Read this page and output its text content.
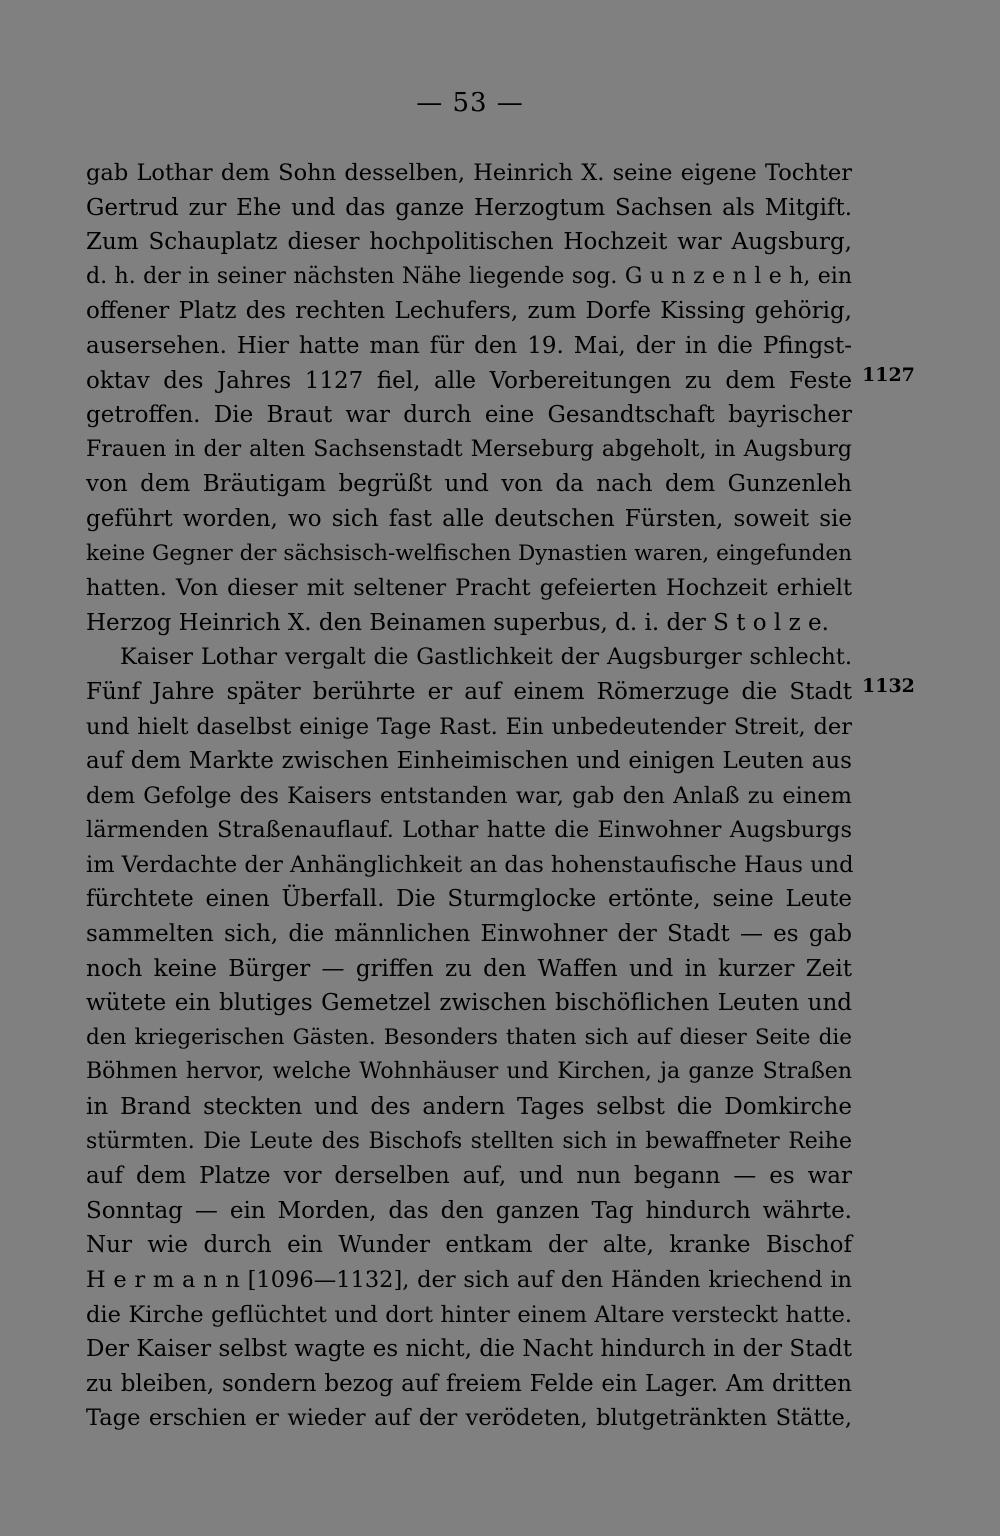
— 53 —
gab Lothar dem Sohn desselben, Heinrich X. seine eigene Tochter
Gertrud zur Ehe und das ganze Herzogtum Sachsen als Mitgift.
Zum Schauplatz dieser hochpolitischen Hochzeit war Augsburg,
d. h. der in seiner nächsten Nähe liegende sog. G u n z e n l e h, ein
offener Platz des rechten Lechufers, zum Dorfe Kissing gehörig,
ausersehen. Hier hatte man für den 19. Mai, der in die Pfingst-
oktav des Jahres 1127 fiel, alle Vorbereitungen zu dem Feste
getroffen. Die Braut war durch eine Gesandtschaft bayrischer
Frauen in der alten Sachsenstadt Merseburg abgeholt, in Augsburg
von dem Bräutigam begrüßt und von da nach dem Gunzenleh
geführt worden, wo sich fast alle deutschen Fürsten, soweit sie
keine Gegner der sächsisch-welfischen Dynastien waren, eingefunden
hatten. Von dieser mit seltener Pracht gefeierten Hochzeit erhielt
Herzog Heinrich X. den Beinamen superbus, d. i. der S t o l z e.
Kaiser Lothar vergalt die Gastlichkeit der Augsburger schlecht.
Fünf Jahre später berührte er auf einem Römerzuge die Stadt
und hielt daselbst einige Tage Rast. Ein unbedeutender Streit, der
auf dem Markte zwischen Einheimischen und einigen Leuten aus
dem Gefolge des Kaisers entstanden war, gab den Anlaß zu einem
lärmenden Straßenauflauf. Lothar hatte die Einwohner Augsburgs
im Verdachte der Anhänglichkeit an das hohenstaufische Haus und
fürchtete einen Überfall. Die Sturmglocke ertönte, seine Leute
sammelten sich, die männlichen Einwohner der Stadt — es gab
noch keine Bürger — griffen zu den Waffen und in kurzer Zeit
wütete ein blutiges Gemetzel zwischen bischöflichen Leuten und
den kriegerischen Gästen. Besonders thaten sich auf dieser Seite die
Böhmen hervor, welche Wohnhäuser und Kirchen, ja ganze Straßen
in Brand steckten und des andern Tages selbst die Domkirche
stürmten. Die Leute des Bischofs stellten sich in bewaffneter Reihe
auf dem Platze vor derselben auf, und nun begann — es war
Sonntag — ein Morden, das den ganzen Tag hindurch währte.
Nur wie durch ein Wunder entkam der alte, kranke Bischof
H e r m a n n [1096—1132], der sich auf den Händen kriechend in
die Kirche geflüchtet und dort hinter einem Altare versteckt hatte.
Der Kaiser selbst wagte es nicht, die Nacht hindurch in der Stadt
zu bleiben, sondern bezog auf freiem Felde ein Lager. Am dritten
Tage erschien er wieder auf der verödeten, blutgetränkten Stätte,
1127
1132
